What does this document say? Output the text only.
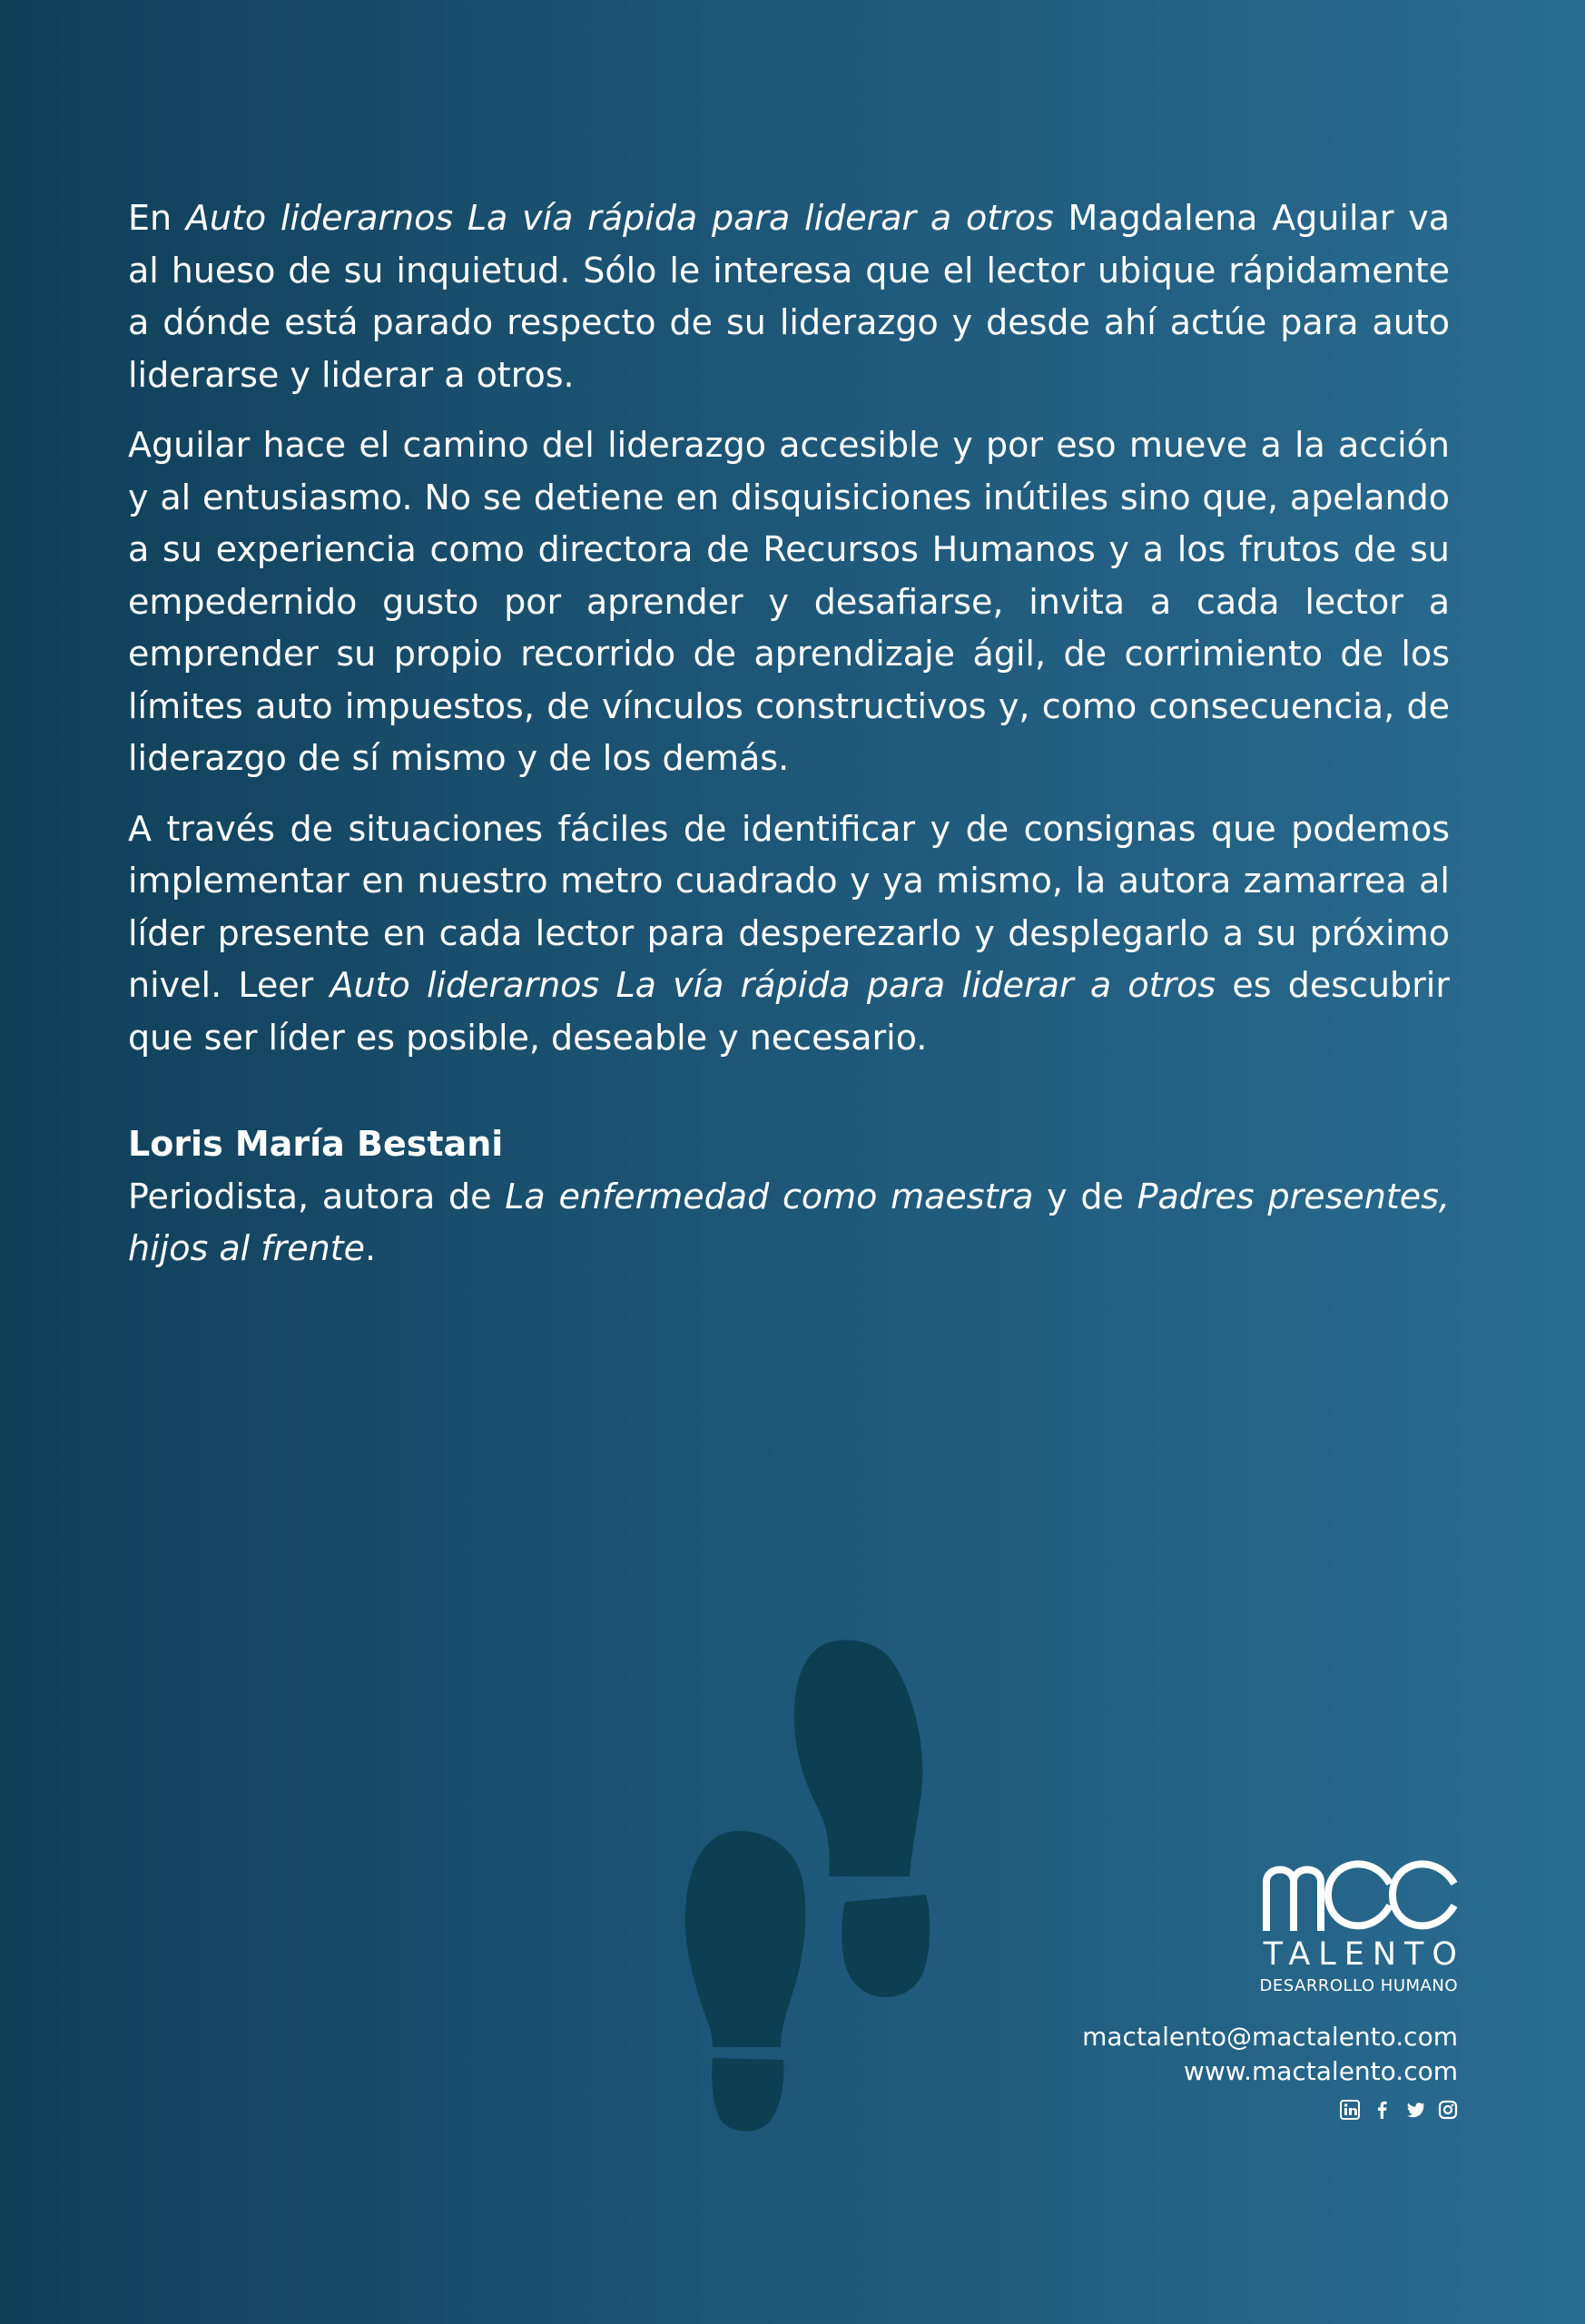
En Auto liderarnos La vía rápida para liderar a otros Magdalena Aguilar va al hueso de su inquietud. Sólo le interesa que el lector ubique rápidamente a dónde está parado respecto de su liderazgo y desde ahí actúe para auto liderarse y liderar a otros.

Aguilar hace el camino del liderazgo accesible y por eso mueve a la acción y al entusiasmo. No se detiene en disquisiciones inútiles sino que, apelando a su experiencia como directora de Recursos Humanos y a los frutos de su empedernido gusto por aprender y desafiarse, invita a cada lector a emprender su propio recorrido de aprendizaje ágil, de corrimiento de los límites auto impuestos, de vínculos constructivos y, como consecuencia, de liderazgo de sí mismo y de los demás.

A través de situaciones fáciles de identificar y de consignas que podemos implementar en nuestro metro cuadrado y ya mismo, la autora zamarrea al líder presente en cada lector para desperezarlo y desplegarlo a su próximo nivel. Leer Auto liderarnos La vía rápida para liderar a otros es descubrir que ser líder es posible, deseable y necesario.

Loris María Bestani
Periodista, autora de La enfermedad como maestra y de Padres presentes, hijos al frente.
TALENTO
DESARROLLO HUMANO
mactalento@mactalento.com
www.mactalento.com
